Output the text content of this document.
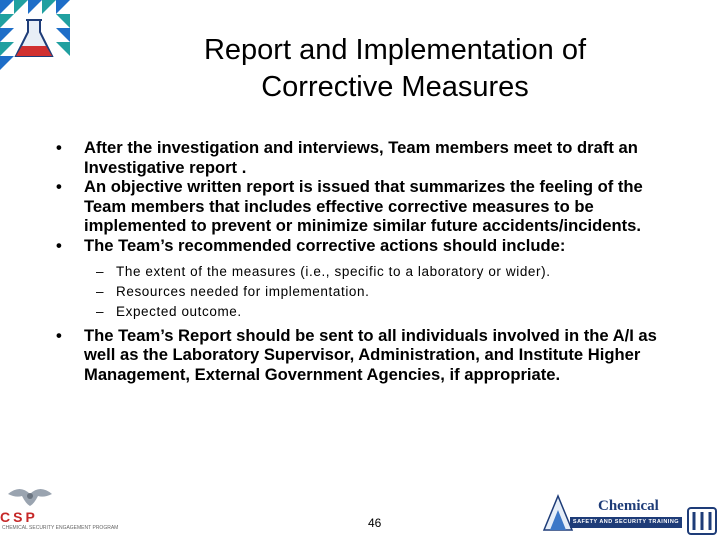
Report and Implementation of
Corrective Measures
•	After the investigation and interviews, Team members meet to draft an Investigative report .
•	An objective written report is issued that summarizes the feeling of the Team members that includes effective corrective measures to be implemented to prevent or minimize similar future accidents/incidents.
•	The Team’s recommended corrective actions should include:
– The extent of the measures (i.e., specific to a laboratory or wider).
– Resources needed for implementation.
– Expected outcome.
•	The Team’s Report should be sent to all individuals involved in the A/I as well as the Laboratory Supervisor, Administration, and Institute Higher Management, External Government Agencies, if appropriate.
CSP
CHEMICAL SECURITY ENGAGEMENT PROGRAM	46
Chemical
SAFETY AND SECURITY TRAINING
